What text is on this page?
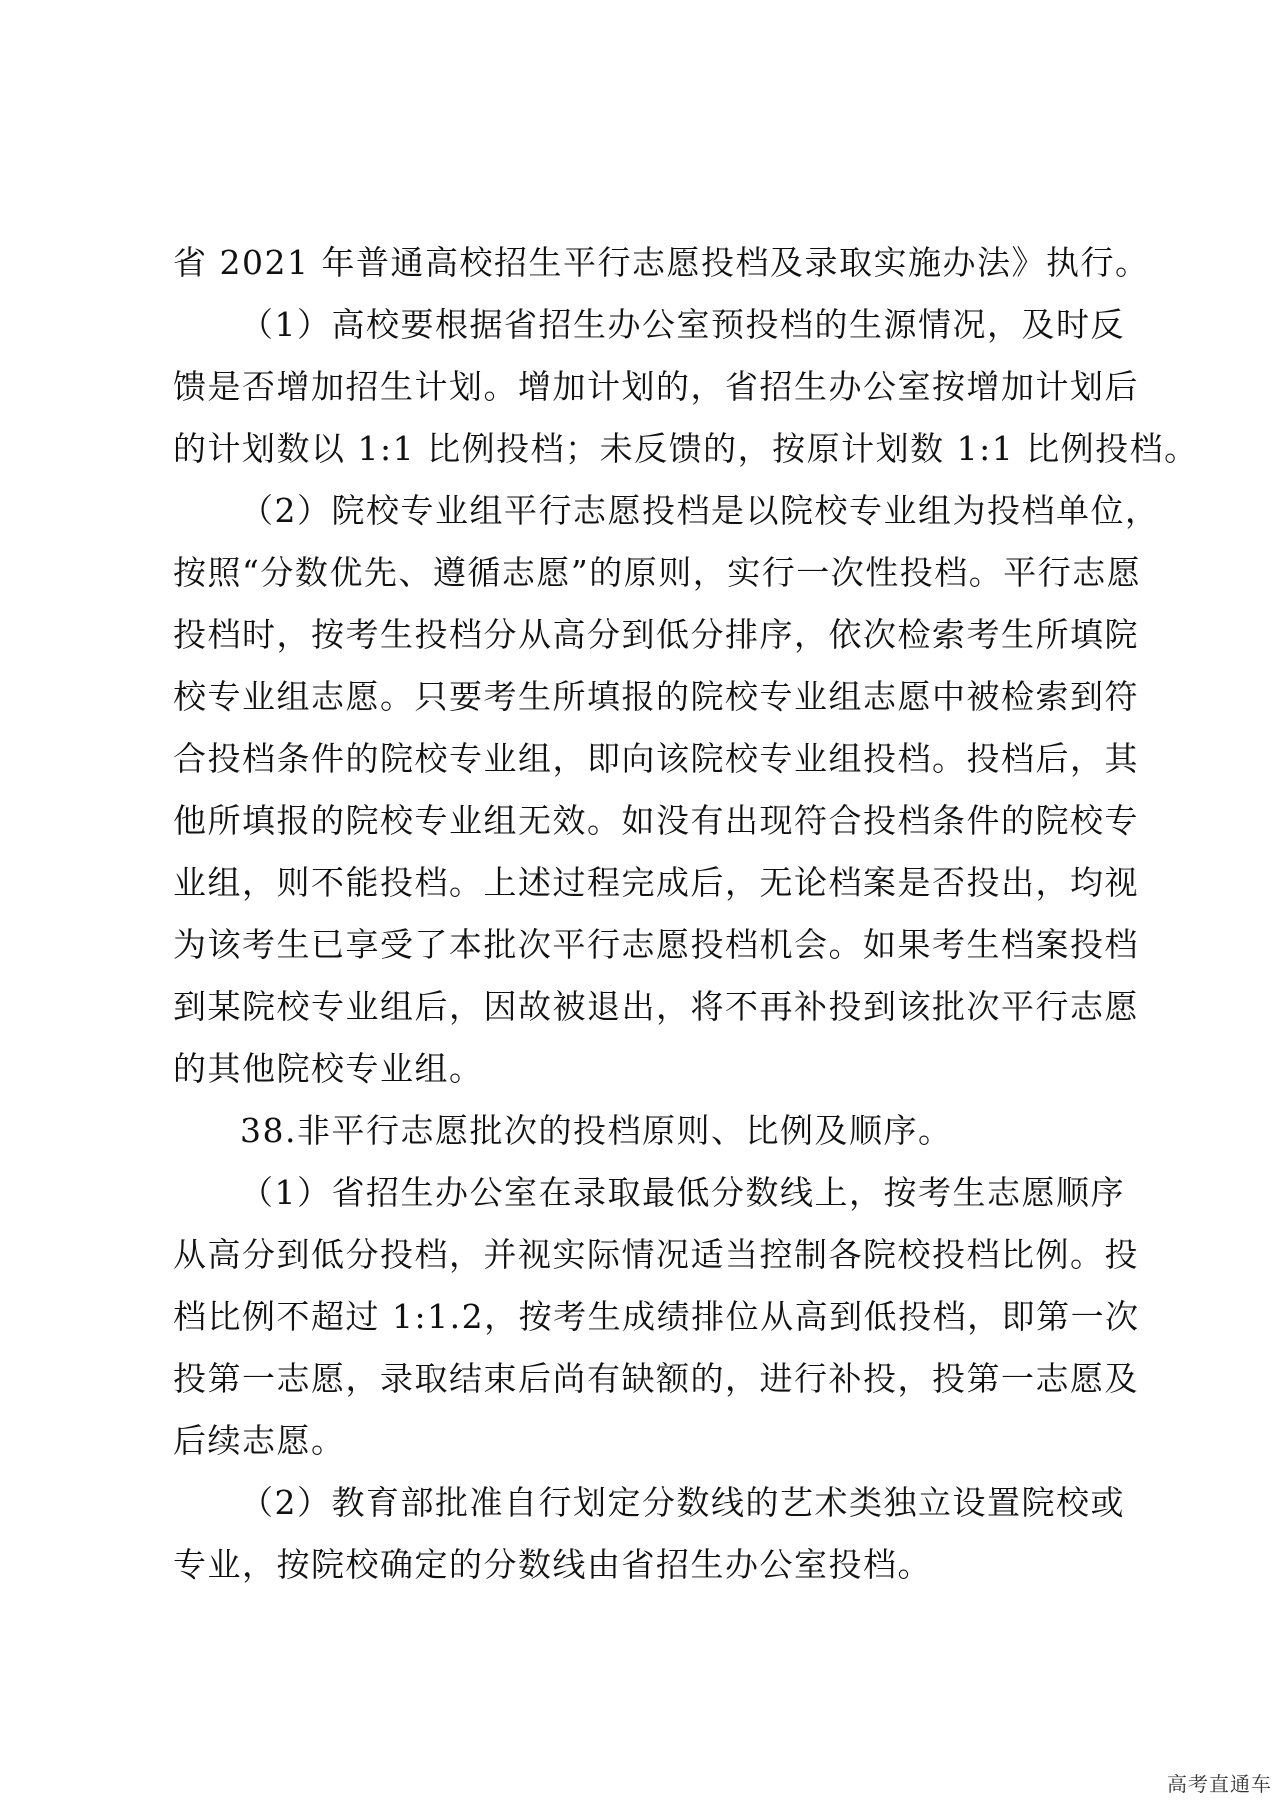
省 2021 年普通高校招生平行志愿投档及录取实施办法》执行。
（1）高校要根据省招生办公室预投档的生源情况，及时反
馈是否增加招生计划。增加计划的，省招生办公室按增加计划后
的计划数以 1:1 比例投档；未反馈的，按原计划数 1:1 比例投档。
（2）院校专业组平行志愿投档是以院校专业组为投档单位，
按照“分数优先、遵循志愿”的原则，实行一次性投档。平行志愿
投档时，按考生投档分从高分到低分排序，依次检索考生所填院
校专业组志愿。只要考生所填报的院校专业组志愿中被检索到符
合投档条件的院校专业组，即向该院校专业组投档。投档后，其
他所填报的院校专业组无效。如没有出现符合投档条件的院校专
业组，则不能投档。上述过程完成后，无论档案是否投出，均视
为该考生已享受了本批次平行志愿投档机会。如果考生档案投档
到某院校专业组后，因故被退出，将不再补投到该批次平行志愿
的其他院校专业组。
38.非平行志愿批次的投档原则、比例及顺序。
（1）省招生办公室在录取最低分数线上，按考生志愿顺序
从高分到低分投档，并视实际情况适当控制各院校投档比例。投
档比例不超过 1:1.2，按考生成绩排位从高到低投档，即第一次
投第一志愿，录取结束后尚有缺额的，进行补投，投第一志愿及
后续志愿。
（2）教育部批准自行划定分数线的艺术类独立设置院校或
专业，按院校确定的分数线由省招生办公室投档。
高考直通车
